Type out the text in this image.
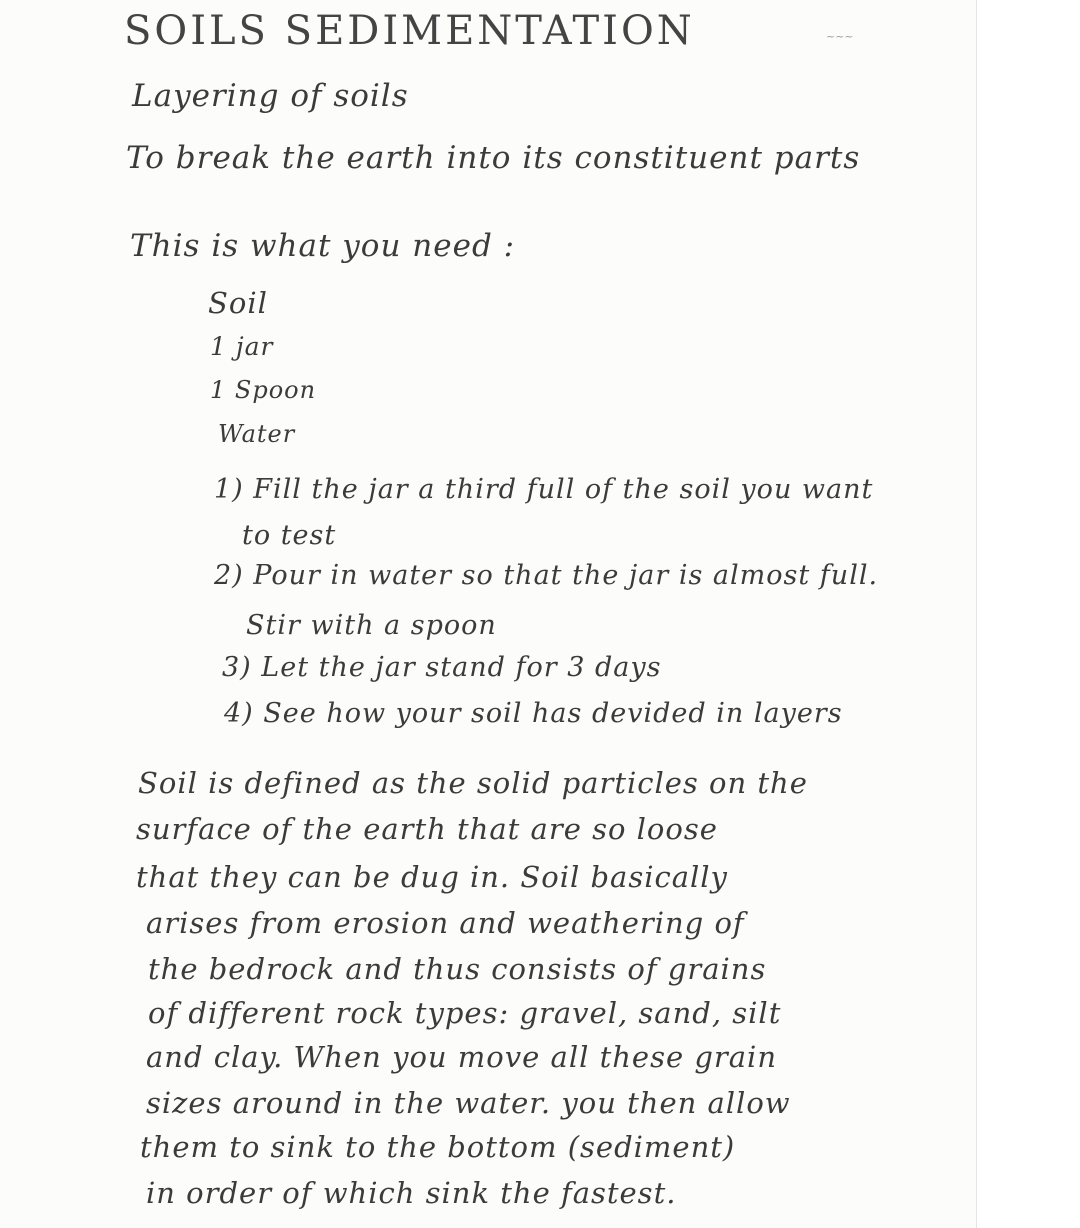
SOILS SEDIMENTATION	~~~
Layering of soils
To break the earth into its constituent parts
This is what you need :
Soil
1 jar
1 Spoon
Water
1) Fill the jar a third full of the soil you want
to test
2) Pour in water so that the jar is almost full.
Stir with a spoon
3) Let the jar stand for 3 days
4) See how your soil has devided in layers
Soil is defined as the solid particles on the
surface of the earth that are so loose
that they can be dug in. Soil basically
arises from erosion and weathering of
the bedrock and thus consists of grains
of different rock types: gravel, sand, silt
and clay. When you move all these grain
sizes around in the water. you then allow
them to sink to the bottom (sediment)
in order of which sink the fastest.
